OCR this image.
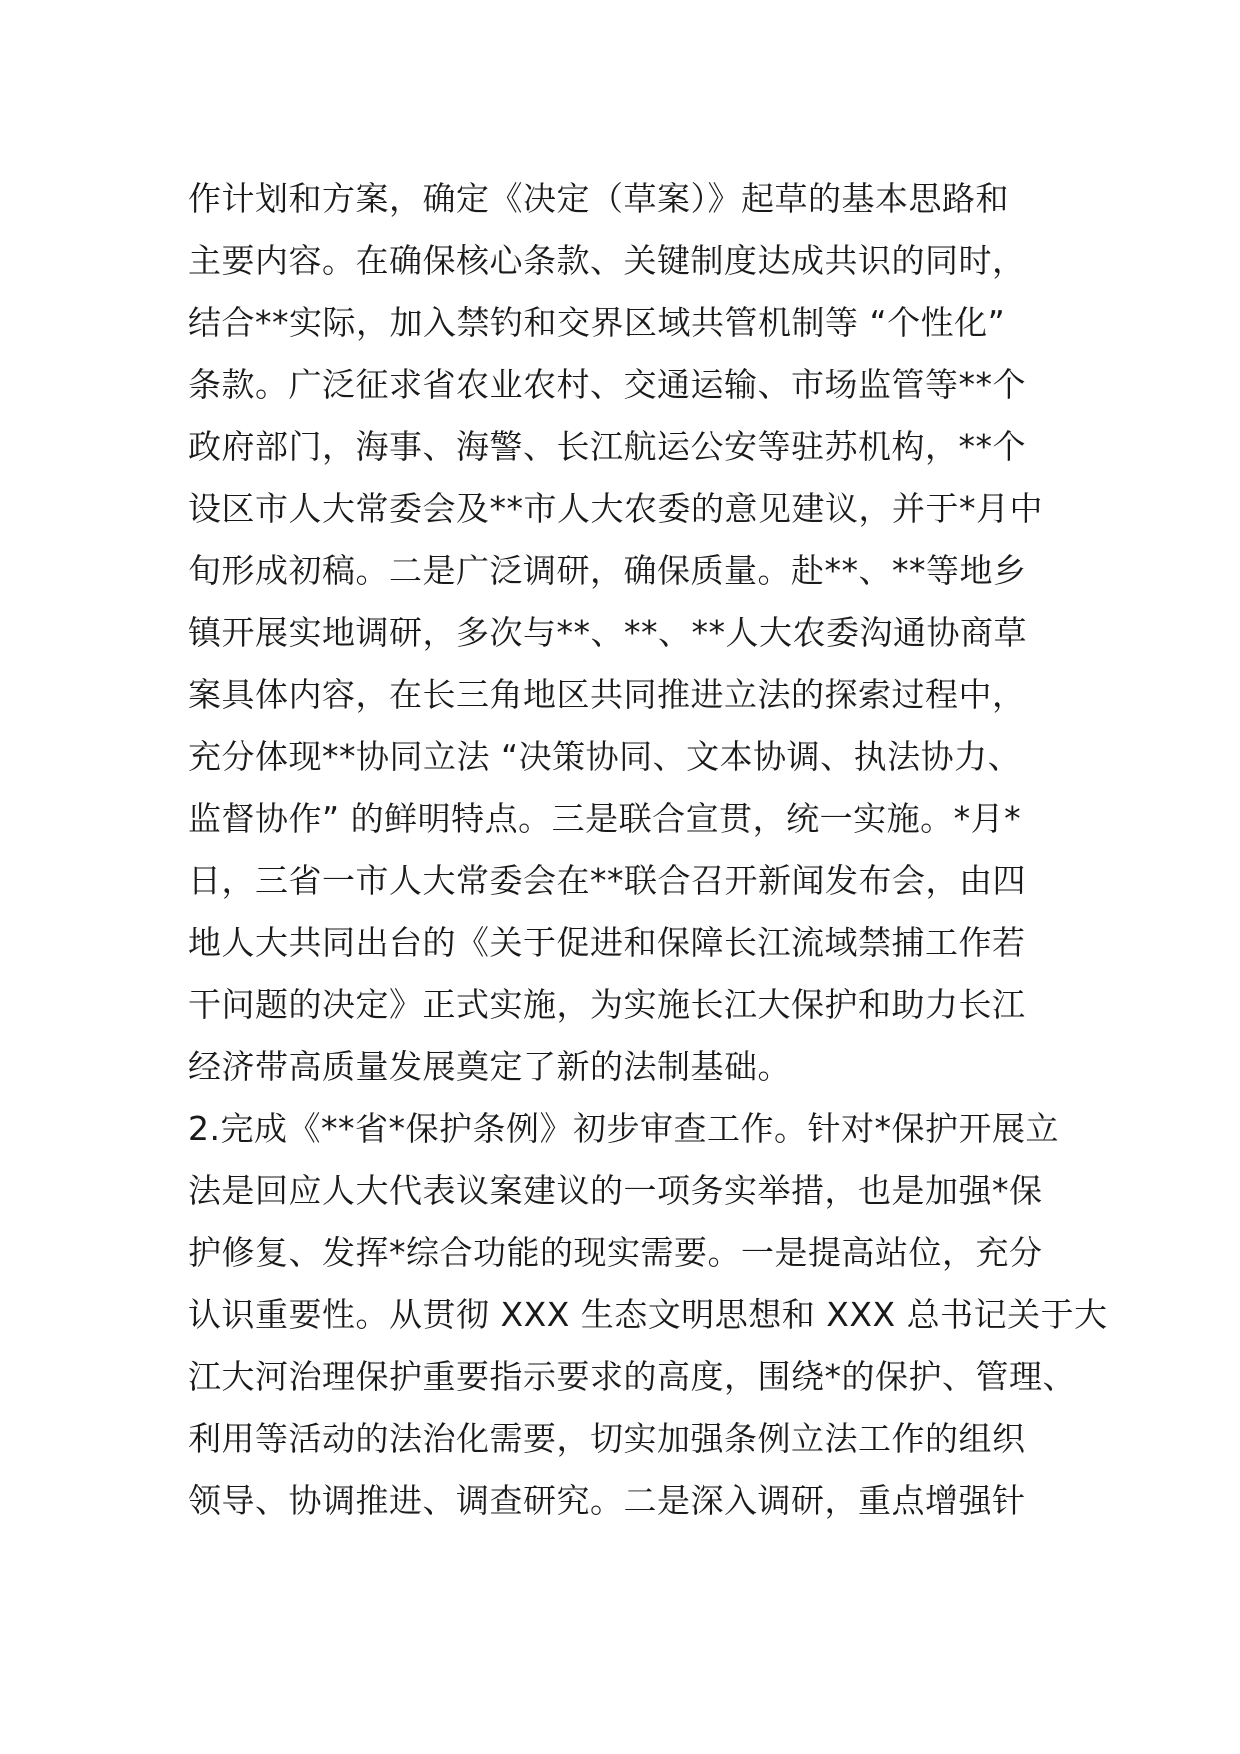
作计划和方案，确定《决定（草案）》起草的基本思路和
主要内容。在确保核心条款、关键制度达成共识的同时，
结合**实际，加入禁钓和交界区域共管机制等 “个性化”
条款。广泛征求省农业农村、交通运输、市场监管等**个
政府部门，海事、海警、长江航运公安等驻苏机构，**个
设区市人大常委会及**市人大农委的意见建议，并于*月中
旬形成初稿。二是广泛调研，确保质量。赴**、**等地乡
镇开展实地调研，多次与**、**、**人大农委沟通协商草
案具体内容，在长三角地区共同推进立法的探索过程中，
充分体现**协同立法 “决策协同、文本协调、执法协力、
监督协作” 的鲜明特点。三是联合宣贯，统一实施。*月*
日，三省一市人大常委会在**联合召开新闻发布会，由四
地人大共同出台的《关于促进和保障长江流域禁捕工作若
干问题的决定》正式实施，为实施长江大保护和助力长江
经济带高质量发展奠定了新的法制基础。
2.完成《**省*保护条例》初步审查工作。针对*保护开展立
法是回应人大代表议案建议的一项务实举措，也是加强*保
护修复、发挥*综合功能的现实需要。一是提高站位，充分
认识重要性。从贯彻 XXX 生态文明思想和 XXX 总书记关于大
江大河治理保护重要指示要求的高度，围绕*的保护、管理、
利用等活动的法治化需要，切实加强条例立法工作的组织
领导、协调推进、调查研究。二是深入调研，重点增强针
